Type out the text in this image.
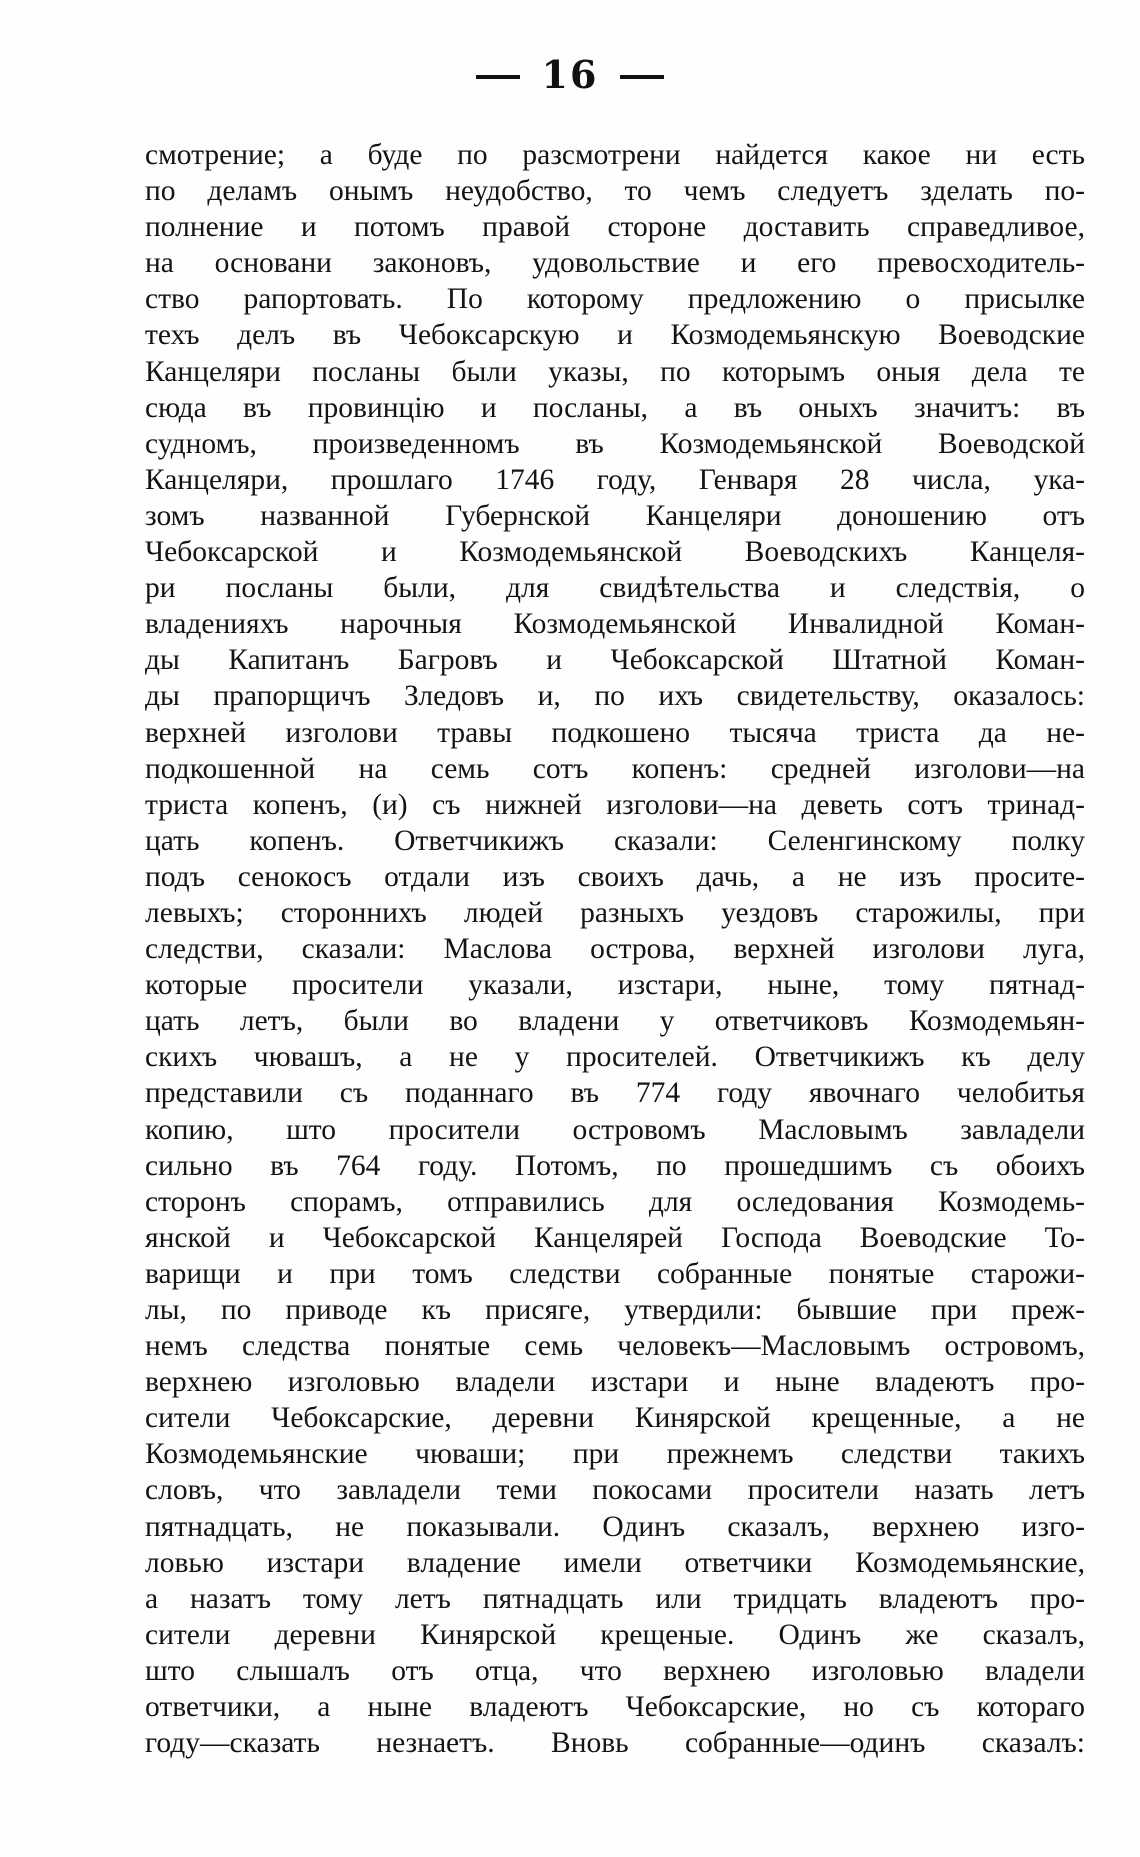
16
смотрение; а буде по разсмотрени найдется какое ни есть
по деламъ онымъ неудобство, то чемъ следуетъ зделать по-
полнение и потомъ правой стороне доставить справедливое,
на основани законовъ, удовольствие и его превосходитель-
ство рапортовать. По которому предложению о присылке
техъ делъ въ Чебоксарскую и Козмодемьянскую Воеводские
Канцеляри посланы были указы, по которымъ оныя дела те
сюда въ провинцію и посланы, а въ оныхъ значитъ: въ
судномъ, произведенномъ въ Козмодемьянской Воеводской
Канцеляри, прошлаго 1746 году, Генваря 28 числа, ука-
зомъ названной Губернской Канцеляри доношению отъ
Чебоксарской и Козмодемьянской Воеводскихъ Канцеля-
ри посланы были, для свидѣтельства и следствія, о
владенияхъ нарочныя Козмодемьянской Инвалидной Коман-
ды Капитанъ Багровъ и Чебоксарской Штатной Коман-
ды прапорщичъ Зледовъ и, по ихъ свидетельству, оказалось:
верхней изголови травы подкошено тысяча триста да не-
подкошенной на семь сотъ копенъ: средней изголови—на
триста копенъ, (и) съ нижней изголови—на деветь сотъ тринад-
цать копенъ. Ответчикижъ сказали: Селенгинскому полку
подъ сенокосъ отдали изъ своихъ дачь, а не изъ просите-
левыхъ; стороннихъ людей разныхъ уездовъ старожилы, при
следстви, сказали: Маслова острова, верхней изголови луга,
которые просители указали, изстари, ныне, тому пятнад-
цать летъ, были во владени у ответчиковъ Козмодемьян-
скихъ чювашъ, а не у просителей. Ответчикижъ къ делу
представили съ поданнаго въ 774 году явочнаго челобитья
копию, што просители островомъ Масловымъ завладели
сильно въ 764 году. Потомъ, по прошедшимъ съ обоихъ
сторонъ спорамъ, отправились для оследования Козмодемь-
янской и Чебоксарской Канцелярей Господа Воеводские То-
варищи и при томъ следстви собранные понятые старожи-
лы, по приводе къ присяге, утвердили: бывшие при преж-
немъ следства понятые семь человекъ—Масловымъ островомъ,
верхнею изголовью владели изстари и ныне владеютъ про-
сители Чебоксарские, деревни Кинярской крещенные, а не
Козмодемьянские чюваши; при прежнемъ следстви такихъ
словъ, что завладели теми покосами просители назать летъ
пятнадцать, не показывали. Одинъ сказалъ, верхнею изго-
ловью изстари владение имели ответчики Козмодемьянские,
а назатъ тому летъ пятнадцать или тридцать владеютъ про-
сители деревни Кинярской крещеные. Одинъ же сказалъ,
што слышалъ отъ отца, что верхнею изголовью владели
ответчики, а ныне владеютъ Чебоксарские, но съ котораго
году—сказать незнаетъ. Вновь собранные—одинъ сказалъ:
